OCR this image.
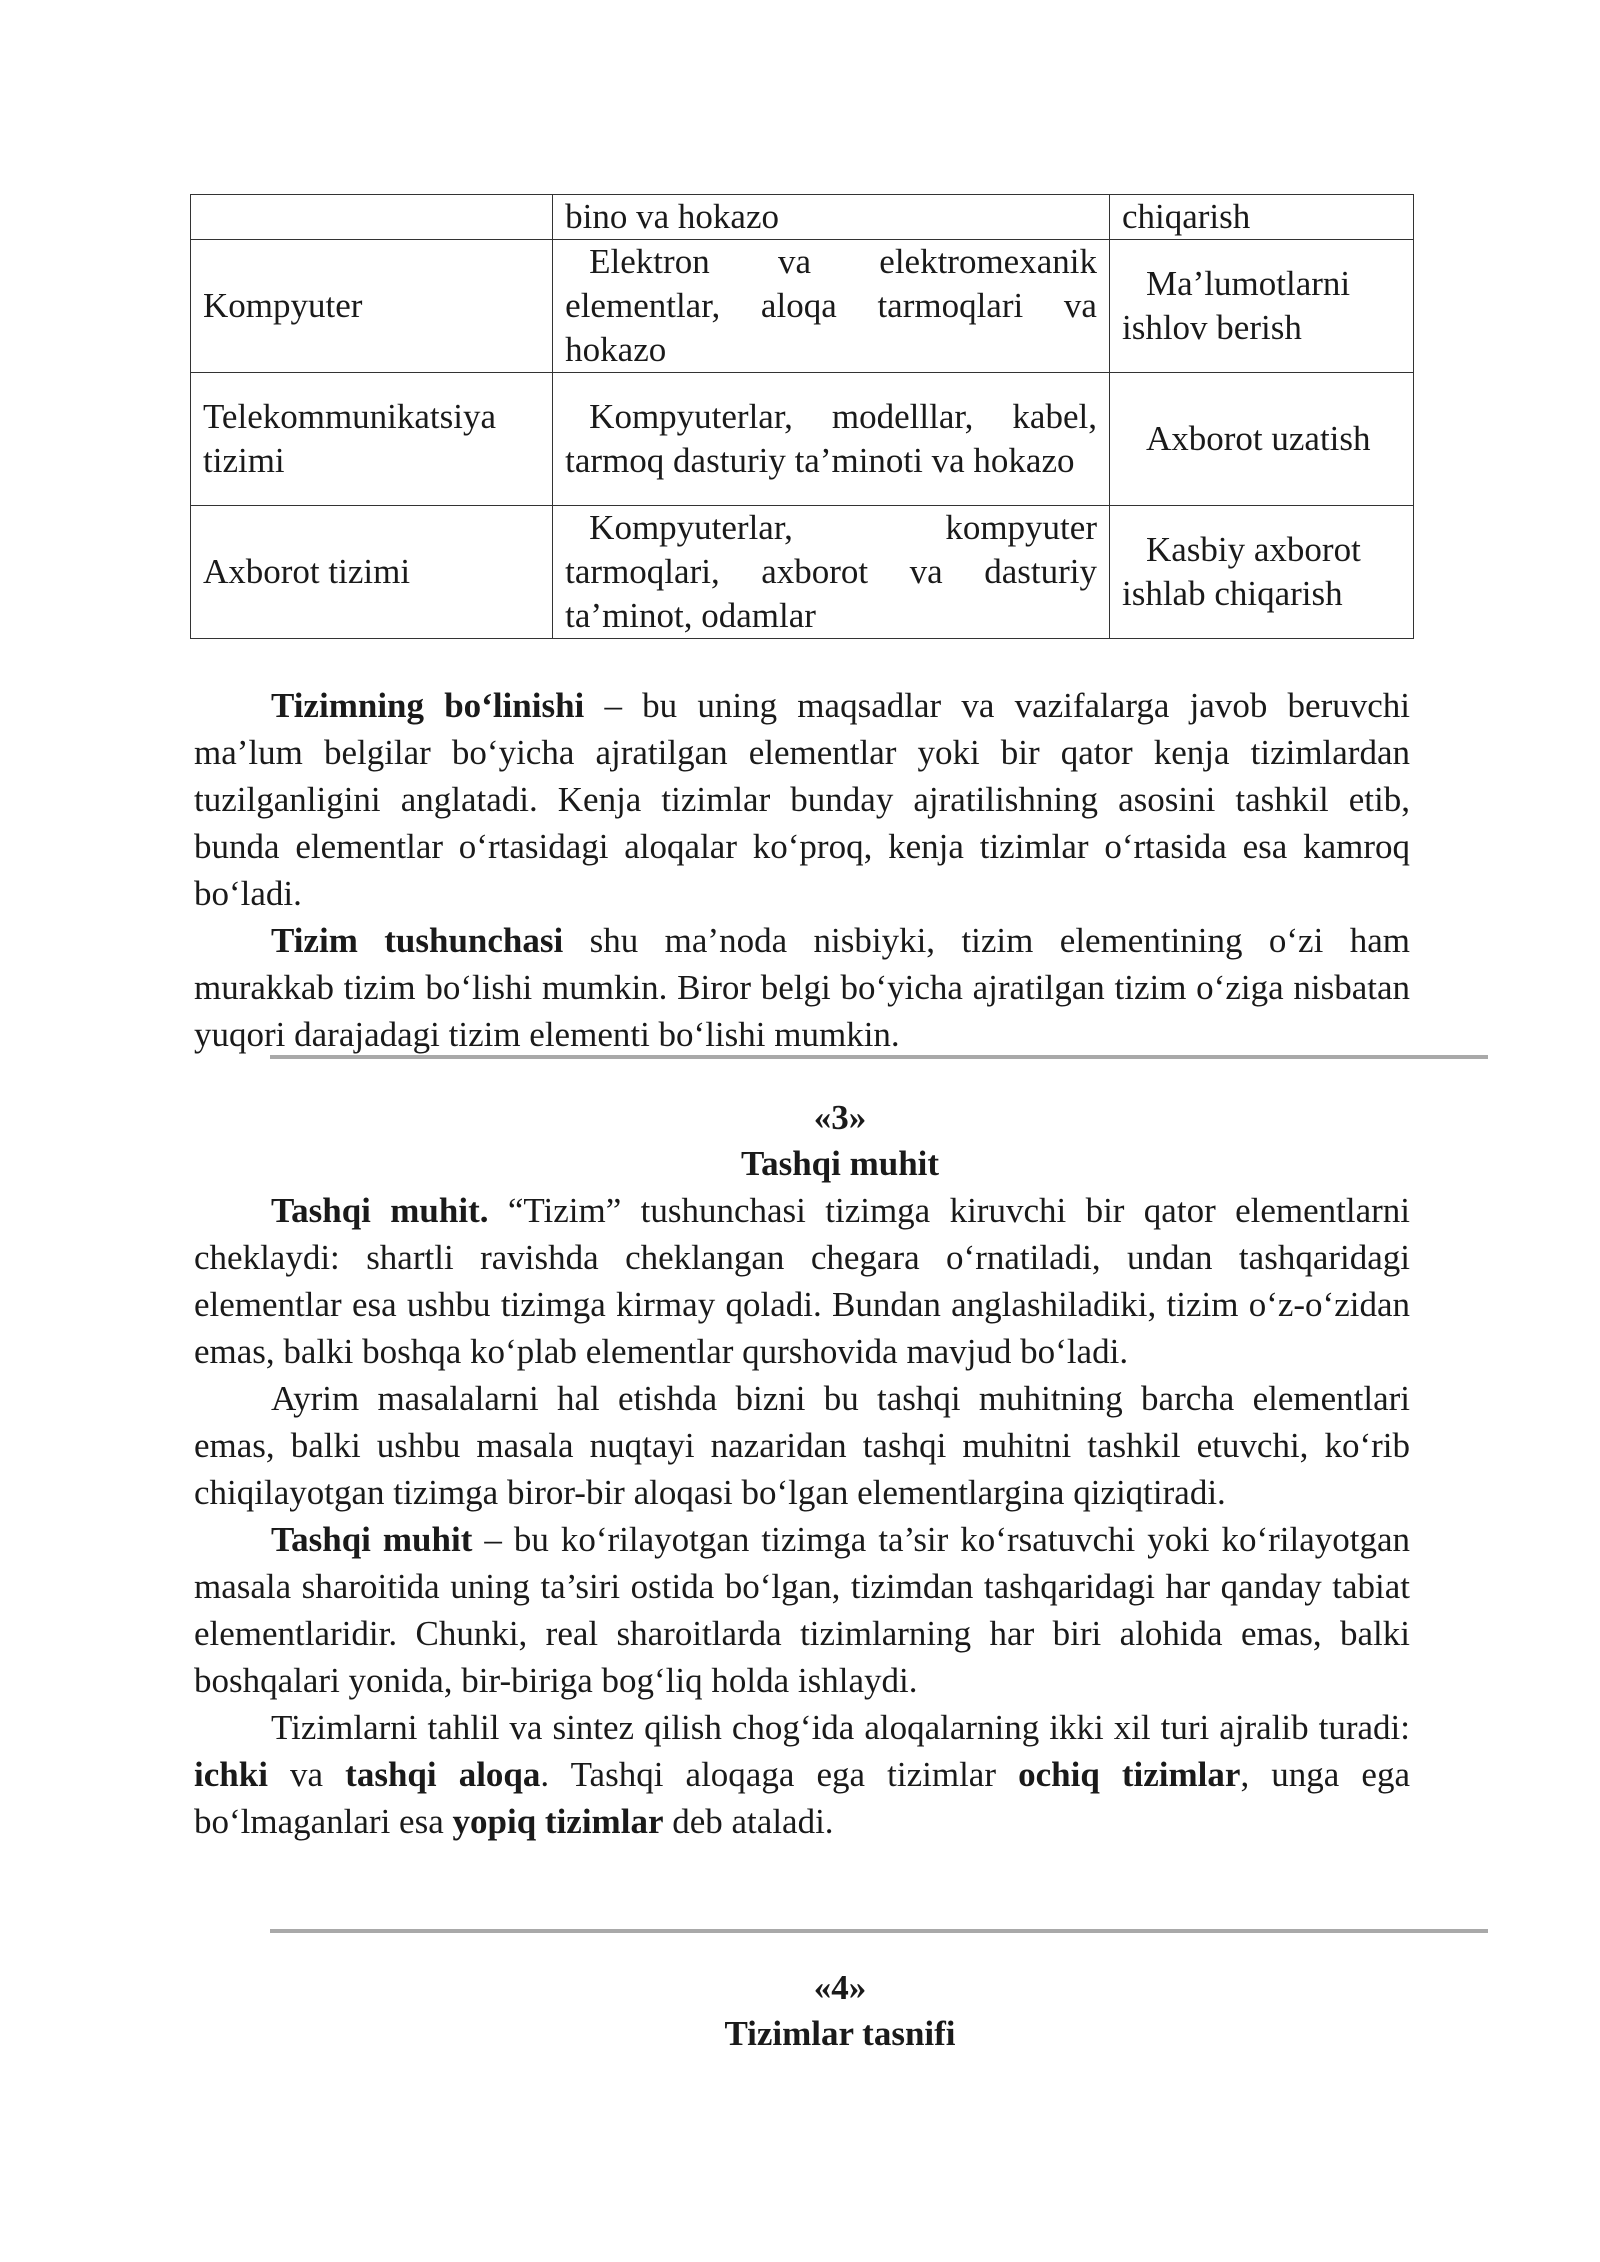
	bino va hokazo	chiqarish
Kompyuter	Elektron va elektromexanik elementlar, aloqa tarmoqlari va hokazo	Ma’lumotlarni ishlov berish

Telekommunikatsiya tizimi	Kompyuterlar, modelllar, kabel, tarmoq dasturiy ta’minoti va hokazo	Axborot uzatish

Axborot tizimi	Kompyuterlar, kompyuter tarmoqlari, axborot va dasturiy ta’minot, odamlar	Kasbiy axborot ishlab chiqarish

Tizimning bo‘linishi – bu uning maqsadlar va vazifalarga javob beruvchi ma’lum belgilar bo‘yicha ajratilgan elementlar yoki bir qator kenja tizimlardan tuzilganligini anglatadi. Kenja tizimlar bunday ajratilishning asosini tashkil etib, bunda elementlar o‘rtasidagi aloqalar ko‘proq, kenja tizimlar o‘rtasida esa kamroq bo‘ladi.

Tizim tushunchasi shu ma’noda nisbiyki, tizim elementining o‘zi ham murakkab tizim bo‘lishi mumkin. Biror belgi bo‘yicha ajratilgan tizim o‘ziga nisbatan yuqori darajadagi tizim elementi bo‘lishi mumkin.

«3»
Tashqi muhit

Tashqi muhit. “Tizim” tushunchasi tizimga kiruvchi bir qator elementlarni cheklaydi: shartli ravishda cheklangan chegara o‘rnatiladi, undan tashqaridagi elementlar esa ushbu tizimga kirmay qoladi. Bundan anglashiladiki, tizim o‘z-o‘zidan emas, balki boshqa ko‘plab elementlar qurshovida mavjud bo‘ladi.

Ayrim masalalarni hal etishda bizni bu tashqi muhitning barcha elementlari emas, balki ushbu masala nuqtayi nazaridan tashqi muhitni tashkil etuvchi, ko‘rib chiqilayotgan tizimga biror-bir aloqasi bo‘lgan elementlargina qiziqtiradi.

Tashqi muhit – bu ko‘rilayotgan tizimga ta’sir ko‘rsatuvchi yoki ko‘rilayotgan masala sharoitida uning ta’siri ostida bo‘lgan, tizimdan tashqaridagi har qanday tabiat elementlaridir. Chunki, real sharoitlarda tizimlarning har biri alohida emas, balki boshqalari yonida, bir-biriga bog‘liq holda ishlaydi.

Tizimlarni tahlil va sintez qilish chog‘ida aloqalarning ikki xil turi ajralib turadi: ichki va tashqi aloqa. Tashqi aloqaga ega tizimlar ochiq tizimlar, unga ega bo‘lmaganlari esa yopiq tizimlar deb ataladi.

«4»
Tizimlar tasnifi
